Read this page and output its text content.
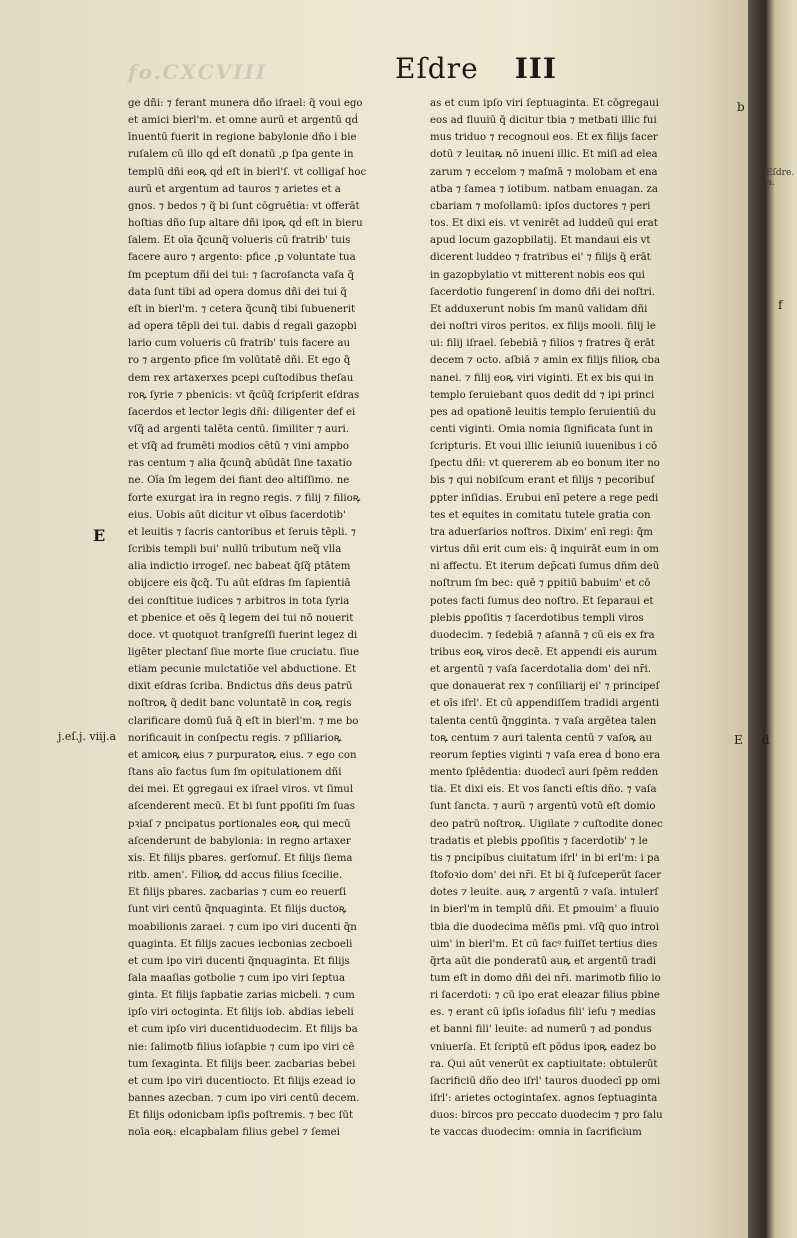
LEſdre. Ca.
fo.CXCVIII	Eſdre III
ge dñi: ⁊ ferant munera dño iſrael: q̃ voui ego
et amici bierl'm. et omne aurū et argentū qḋ
īnuentū fuerit in regione babylonie dño i bie
ruſalem cū illo qḋ eſt donatū ,p ſpa gente in
templū dñi eoꝶ qḋ eſt in bierl'ſ. vt colligaſ hoc
aurū et argentum ad tauros ⁊ arietes et a
gnos. ⁊ bedos ⁊ q̃ bi ſunt cōgruētia: vt offerāt
hoſtias dño ſup altare dñi ipoꝶ qḋ eſt in bieru
ſalem. Et oīa q̃cunq̃ volueris cū fratrib' tuis
facere auro ⁊ argento: pfice ,p voluntate tua
ſm pceptum dñi dei tui: ⁊ ſacroſancta vaſa q̃
data ſunt tibi ad opera domus dñi dei tui q̃
eſt in bierl'm. ⁊ cetera q̃cunq̃ tibi ſubuenerit
ad opera tēpli dei tui. dabis ḋ regali gazopbi
lario cum volueris cū fratrib' tuis facere au
ro ⁊ argento pfice ſm volūtatē dñi. Et ego q̃
dem rex artaxerxes pcepi cuſtodibus theſau
roꝶ ſyrie ⁊ pbenicis: vt q̃cūq̃ ſcripſerit eſdras
ſacerdos et lector legis dñi: diligenter def ei
vſq̃ ad argenti talēta centū. ſimiliter ⁊ auri.
et vſq̃ ad frumēti modios cētū ⁊ vini ampbo
ras centum ⁊ alia q̃cunq̃ abūdāt ſine taxatio
ne. Oīa ſm legem dei fiant deo altiſſimo. ne
forte exurgat ira in regno regis. ⁊ filij ⁊ filioꝶ
eius. Uobis aūt dicitur vt oībus ſacerdotib'
et leuitis ⁊ ſacris cantoribus et ſeruis tēpli. ⁊
ſcribis templi bui' nullū tributum neq̃ vlla
alia indictio irrogeſ. nec babeat q̃ſq̃ ptātem
obijcere eis q̃cq̃. Tu aūt eſdras ſm ſapientiā
dei conſtitue iudices ⁊ arbitros in tota ſyria
et pbenice et oēs q̃ legem dei tui nō nouerit
doce. vt quotquot tranſgreſſi fuerint legez di
ligēter plectanſ ſiue morte ſiue cruciatu. ſiue
etiam pecunie mulctatiōe vel abductione. Et
dixit eſdras ſcriba. Bndictus dñs deus patrū
noſtroꝶ q̃ dedit banc voluntatē in coꝶ regis
clarificare domū ſuā q̃ eſt in bierl'm. ⁊ me bo
norificauit in conſpectu regis. ⁊ pſiliarioꝶ
et amicoꝶ eius ⁊ purpuratoꝶ eius. ⁊ ego con
ſtans aīo factus ſum ſm opitulationem dñi
dei mei. Et ꝯgregaui ex iſrael viros. vt ſimul
aſcenderent mecū. Et bi ſunt ꝑpoſiti ſm ſuas
pꝛiaſ ⁊ pncipatus portionales eoꝶ qui mecū
aſcenderunt de babylonia: in regno artaxer
xis. Et filijs pbares. gerſomuſ. Et filijs ſiema
ritb. amen'. Filioꝶ dd accus filius ſcecilie.
Et filijs pbares. zacbarias ⁊ cum eo reuerſi
ſunt viri centū q̃nquaginta. Et filijs ductoꝶ
moabilionis zaraei. ⁊ cum ipo viri ducenti q̃n
quaginta. Et filijs zacues iecbonias zecboeli
et cum ipo viri ducenti q̃nquaginta. Et filijs
ſala maaſias gotbolie ⁊ cum ipo viri ſeptua
ginta. Et filijs ſapbatie zarias micbeli. ⁊ cum
ipſo viri octoginta. Et filijs iob. abdias iebeli
et cum ipſo viri ducentiduodecim. Et filijs ba
nie: ſalimotb filius ioſapbie ⁊ cum ipo viri cē
tum ſexaginta. Et filijs beer. zacbarias bebei
et cum ipo viri ducentiocto. Et filijs ezead io
bannes azecban. ⁊ cum ipo viri centū decem.
Et filijs odonicbam ipſis poſtremis. ⁊ bec ſūt
noīa eoꝶ: elcapbalam filius gebel ⁊ ſemei
as et cum ipſo viri ſeptuaginta. Et cōgregaui
eos ad fluuiū q̃ dicitur tbia ⁊ metbati illic fui
mus triduo ⁊ recognoui eos. Et ex filijs ſacer
dotū ⁊ leuitaꝶ nō inueni illic. Et miſi ad elea
zarum ⁊ eccelom ⁊ maſmā ⁊ molobam et ena
atba ⁊ ſamea ⁊ iotibum. natbam enuagan. za
cbariam ⁊ moſollamū: ipſos ductores ⁊ peri
tos. Et dixi eis. vt venirēt ad luddeū qui erat
apud locum gazopbilatij. Et mandaui eis vt
dicerent luddeo ⁊ fratribus ei' ⁊ filijs q̃ erāt
in gazopbylatio vt mitterent nobis eos qui
ſacerdotio fungerenſ in domo dñi dei noſtri.
Et adduxerunt nobis ſm manū validam dñi
dei noſtri viros peritos. ex filijs mooli. filij le
ui: filij iſrael. ſebebiā ⁊ filios ⁊ fratres q̃ erāt
decem ⁊ octo. aſbiā ⁊ amin ex filijs filioꝶ cba
nanei. ⁊ filij eoꝶ viri viginti. Et ex bis qui in
templo ſeruiebant quos dedit dd ⁊ ipi princi
pes ad opationē leuitis templo ſeruientiū du
centi viginti. Omia nomia ſignificata ſunt in
ſcripturis. Et voui illic ieiuniū iuuenibus i cō
ſpectu dñi: vt quererem ab eo bonum iter no
bis ⁊ qui nobiſcum erant et filijs ⁊ pecoribuſ
ꝑpter inſidias. Erubui enī petere a rege pedi
tes et equites in comitatu tutele gratia con
tra aduerſarios noſtros. Dixim' enī regi: q̃m
virtus dñi erit cum eis: q̃ inquirāt eum in om
ni affectu. Et iterum dep̄cati ſumus dñm deū
noſtrum ſm bec: quē ⁊ ꝑpitiū babuim' et cō
potes facti ſumus deo noſtro. Et ſeparaui et
plebis ꝑpoſitis ⁊ ſacerdotibus templi viros
duodecim. ⁊ ſedebiā ⁊ aſannā ⁊ cū eis ex fra
tribus eoꝶ viros decē. Et appendi eis aurum
et argentū ⁊ vaſa ſacerdotalia dom' dei nr̄i.
que donauerat rex ⁊ conſiliarij ei' ⁊ principeſ
et oīs iſrl'. Et cū appendiſſem tradidi argenti
talenta centū q̃ngginta. ⁊ vaſa argētea talen
toꝶ centum ⁊ auri talenta centū ⁊ vaſoꝶ au
reorum ſepties viginti ⁊ vaſa erea ḋ bono era
mento ſplēdentia: duodecī auri ſpēm redden
tia. Et dixi eis. Et vos ſancti eſtis dño. ⁊ vaſa
ſunt ſancta. ⁊ aurū ⁊ argentū votū eſt domio
deo patrū noſtroꝶ. Uigilate ⁊ cuſtodite donec
tradatis et plebis ꝑpoſitis ⁊ ſacerdotib' ⁊ le
tis ⁊ pncipibus ciuitatum iſrl' in bi erl'm: i pa
ſtofoꝛio dom' dei nr̄i. Et bi q̃ ſuſceperūt ſacer
dotes ⁊ leuite. auꝶ ⁊ argentū ⁊ vaſa. intulerſ
in bierl'm in templū dñi. Et ꝑmouim' a fluuio
tbia die duodecima mēſis pmi. vſq̃ quo introi
uim' in bierl'm. Et cū facꝰ fuiſſet tertius dies
q̃rta aūt die ponderatū auꝶ et argentū tradi
tum eſt in domo dñi dei nr̄i. marimotb filio io
ri ſacerdoti: ⁊ cū ipo erat eleazar filius pbine
es. ⁊ erant cū ipſis ioſadus fili' ieſu ⁊ medias
et banni fili' leuite: ad numerū ⁊ ad pondus
vniuerſa. Et ſcriptū eſt pōdus ipoꝶ eadez bo
ra. Qui aūt venerūt ex captiuitate: obtulerūt
ſacrificiū dño deo iſrl' tauros duodecī ꝑp omi
iſrl': arietes octogintaſex. agnos ſeptuaginta
duos: bircos pro peccato duodecim ⁊ pro ſalu
te vaccas duodecim: omnia in ſacrificium
E
j.eſ.j. viij.a
b
f
E d
